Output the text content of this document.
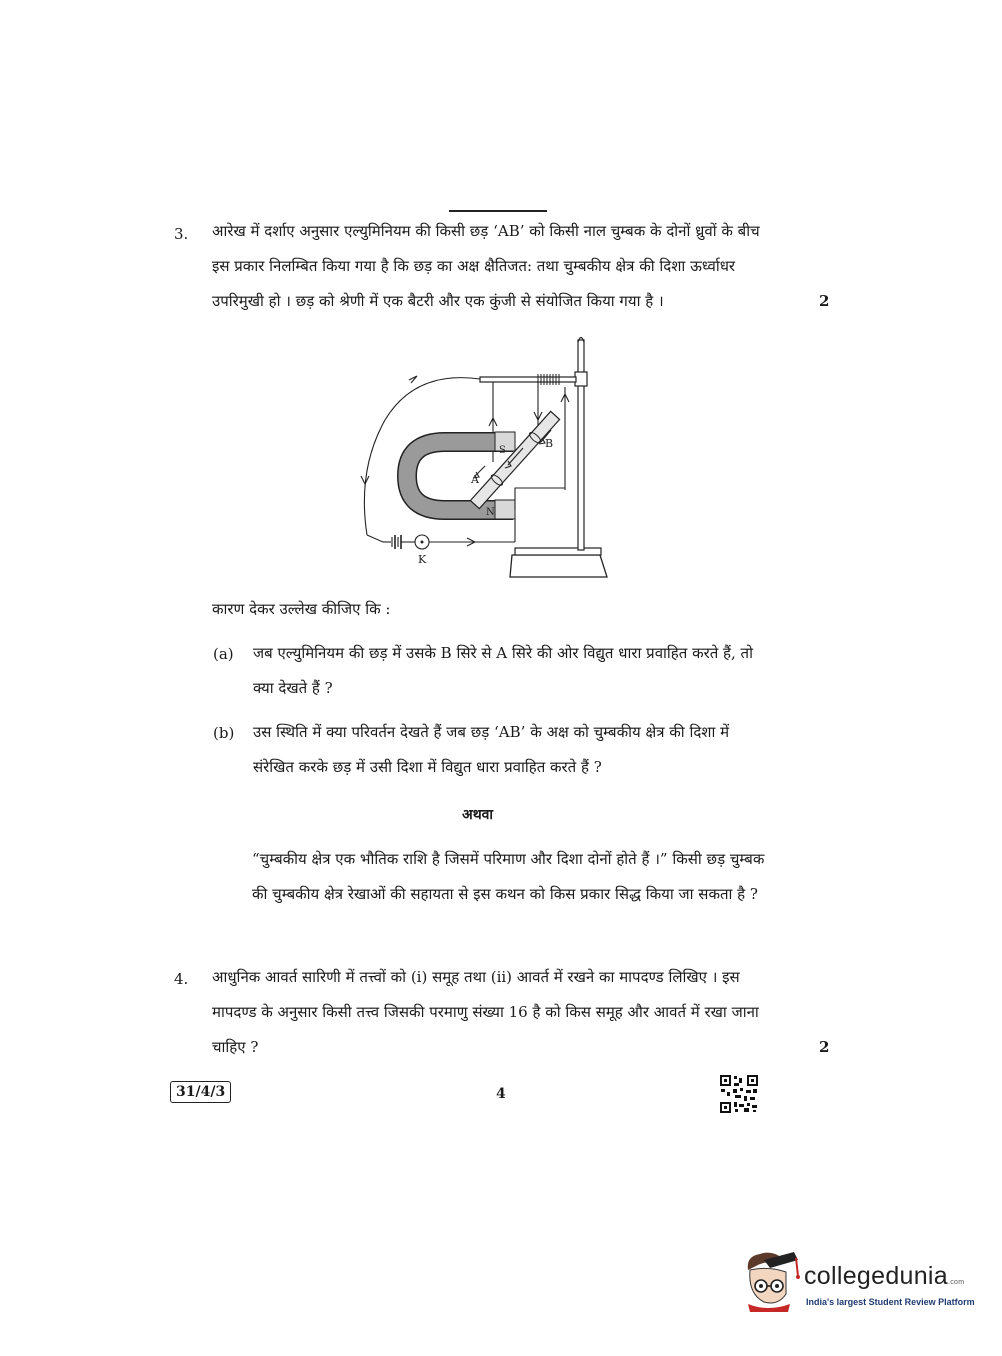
3. आरेख में दर्शाए अनुसार एल्युमिनियम की किसी छड़ ‘AB’ को किसी नाल चुम्बक के दोनों ध्रुवों के बीच
इस प्रकार निलम्बित किया गया है कि छड़ का अक्ष क्षैतिजत: तथा चुम्बकीय क्षेत्र की दिशा ऊर्ध्वाधर
उपरिमुखी हो । छड़ को श्रेणी में एक बैटरी और एक कुंजी से संयोजित किया गया है ।	2
S
N
A
B
K
कारण देकर उल्लेख कीजिए कि :
(a) जब एल्युमिनियम की छड़ में उसके B सिरे से A सिरे की ओर विद्युत धारा प्रवाहित करते हैं, तो
क्या देखते हैं ?
(b) उस स्थिति में क्या परिवर्तन देखते हैं जब छड़ ‘AB’ के अक्ष को चुम्बकीय क्षेत्र की दिशा में
संरेखित करके छड़ में उसी दिशा में विद्युत धारा प्रवाहित करते हैं ?
अथवा
“चुम्बकीय क्षेत्र एक भौतिक राशि है जिसमें परिमाण और दिशा दोनों होते हैं ।” किसी छड़ चुम्बक
की चुम्बकीय क्षेत्र रेखाओं की सहायता से इस कथन को किस प्रकार सिद्ध किया जा सकता है ?
4. आधुनिक आवर्त सारिणी में तत्त्वों को (i) समूह तथा (ii) आवर्त में रखने का मापदण्ड लिखिए । इस
मापदण्ड के अनुसार किसी तत्त्व जिसकी परमाणु संख्या 16 है को किस समूह और आवर्त में रखा जाना
चाहिए ?	2
31/4/3	4
collegedunia.com
India's largest Student Review Platform
